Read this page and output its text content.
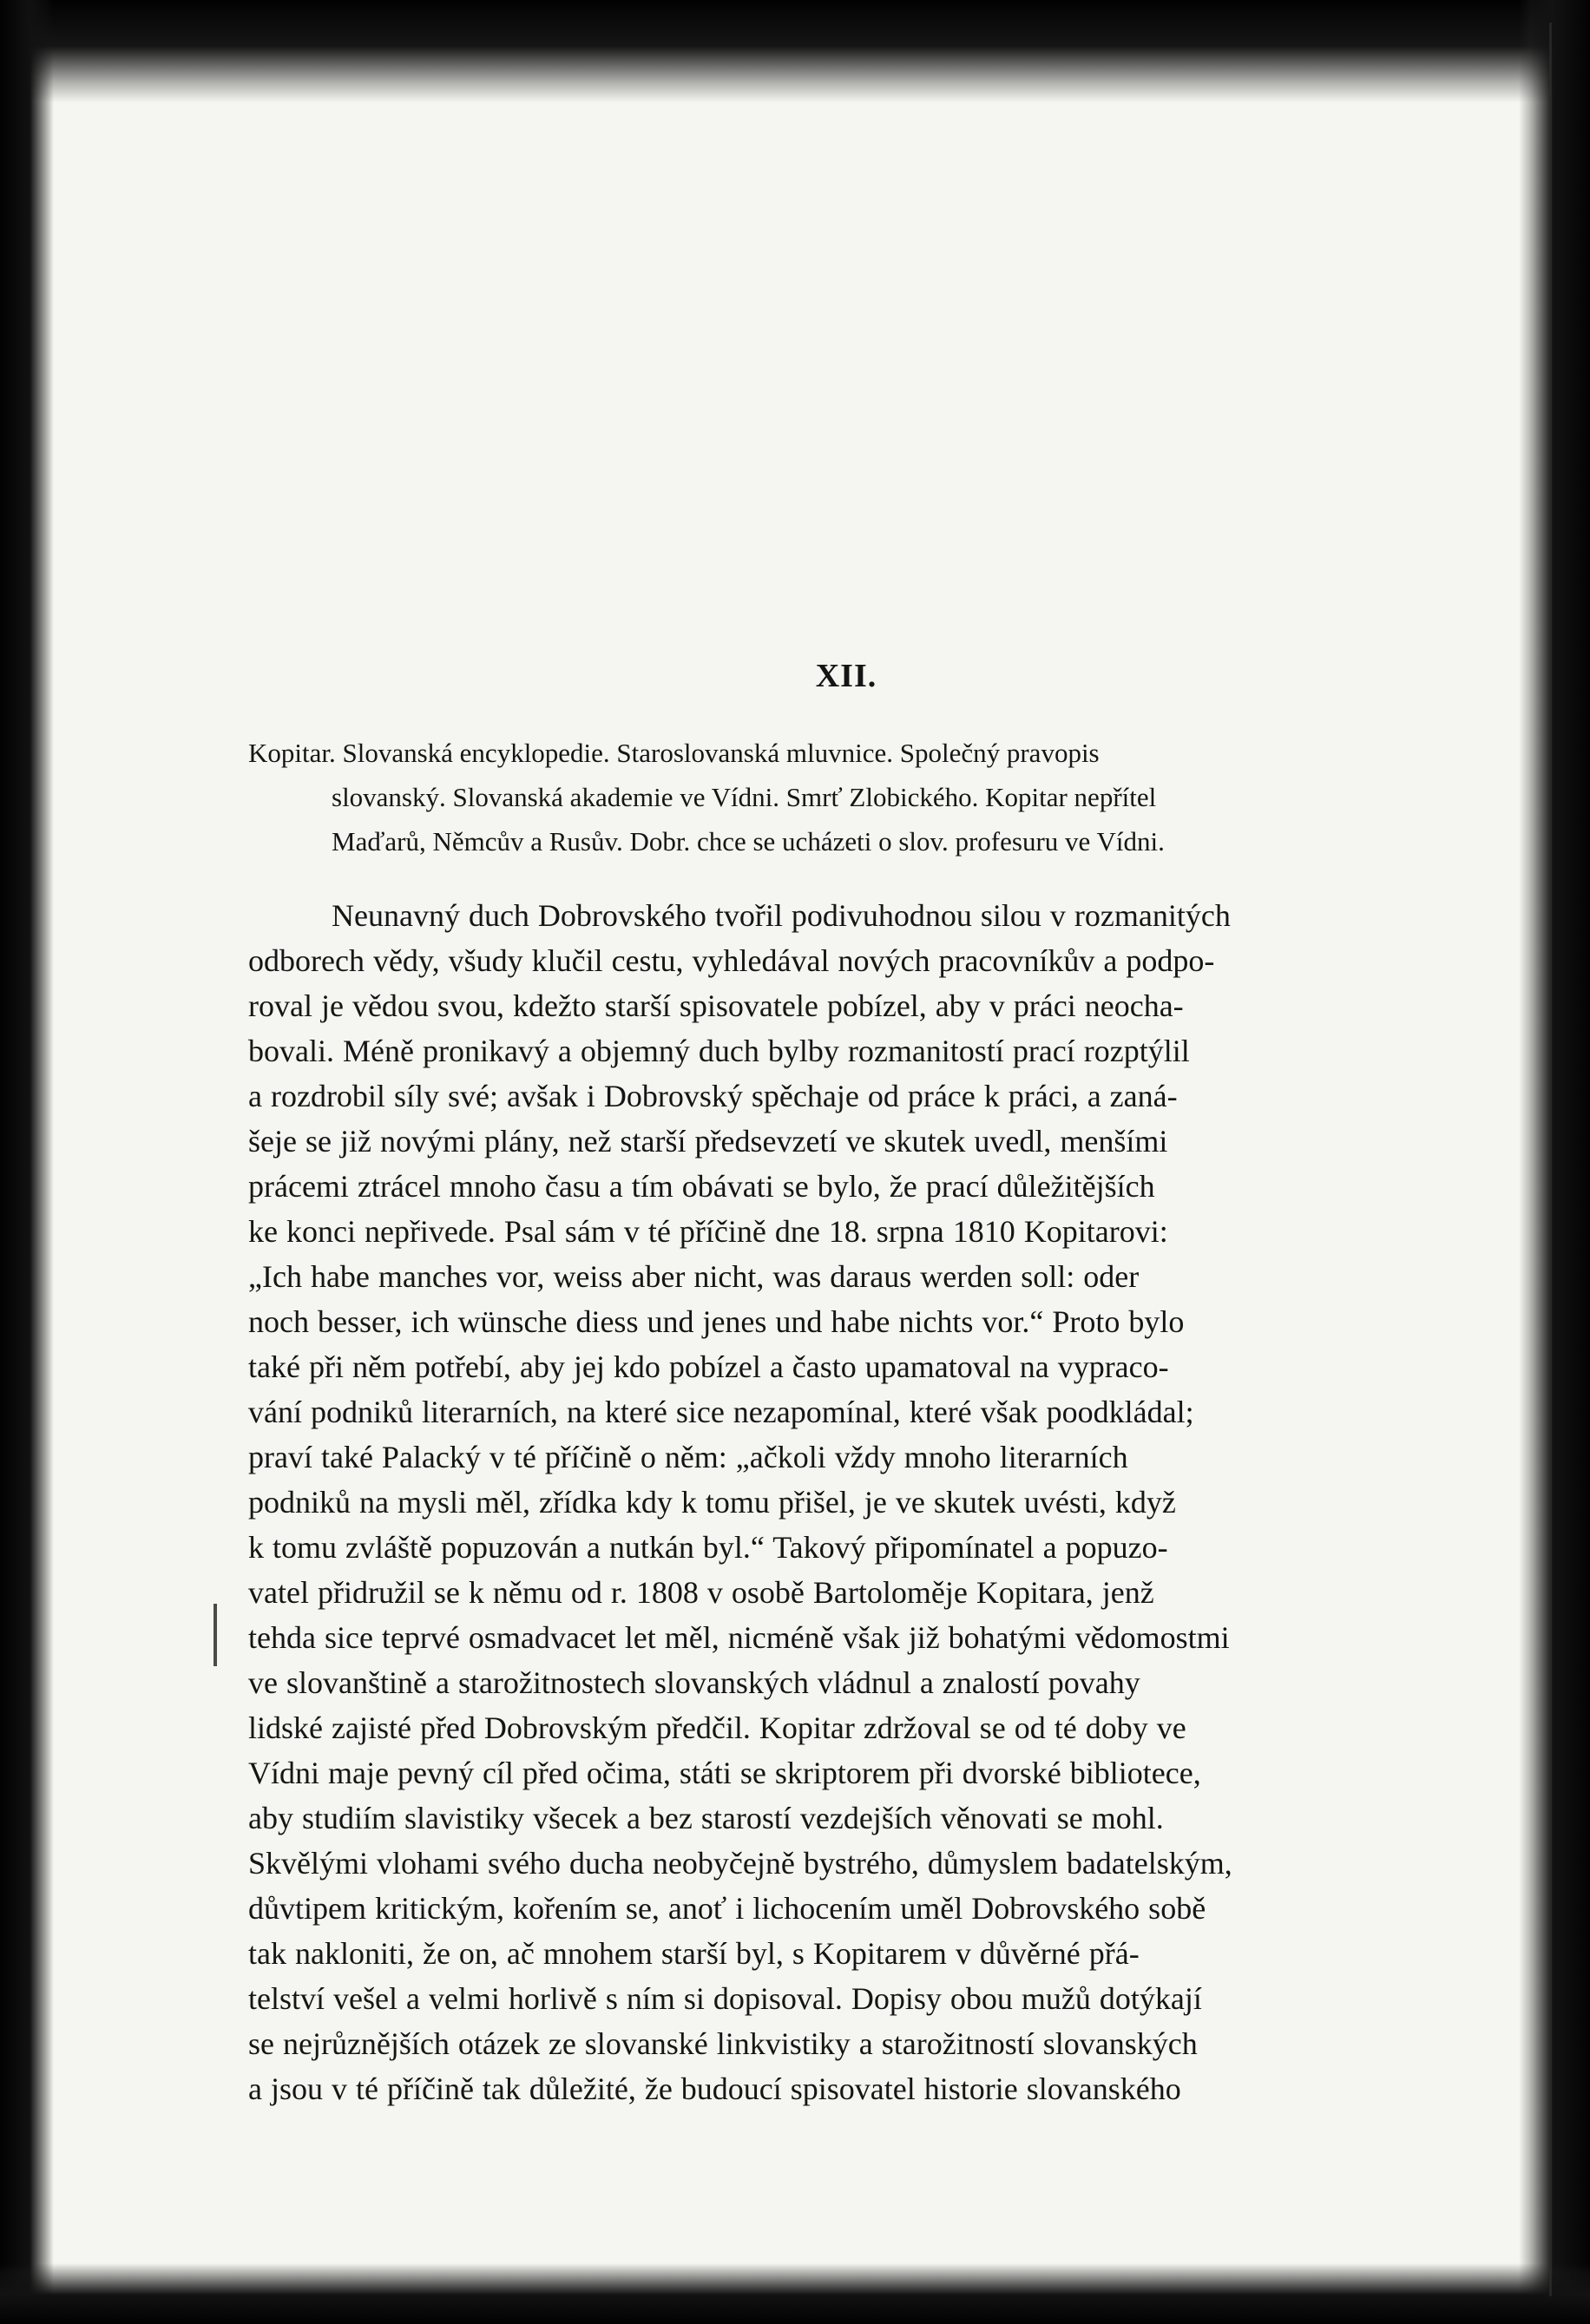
XII.
Kopitar. Slovanská encyklopedie. Staroslovanská mluvnice. Společný pravopis
slovanský. Slovanská akademie ve Vídni. Smrť Zlobického. Kopitar nepřítel
Maďarů, Němcův a Rusův. Dobr. chce se ucházeti o slov. profesuru ve Vídni.
Neunavný duch Dobrovského tvořil podivuhodnou silou v rozmanitých
odborech vědy, všudy klučil cestu, vyhledával nových pracovníkův a podpo-
roval je vědou svou, kdežto starší spisovatele pobízel, aby v práci neocha-
bovali. Méně pronikavý a objemný duch bylby rozmanitostí prací rozptýlil
a rozdrobil síly své; avšak i Dobrovský spěchaje od práce k práci, a zaná-
šeje se již novými plány, než starší předsevzetí ve skutek uvedl, menšími
prácemi ztrácel mnoho času a tím obávati se bylo, že prací důležitějších
ke konci nepřivede. Psal sám v té příčině dne 18. srpna 1810 Kopitarovi:
„Ich habe manches vor, weiss aber nicht, was daraus werden soll: oder
noch besser, ich wünsche diess und jenes und habe nichts vor.“ Proto bylo
také při něm potřebí, aby jej kdo pobízel a často upamatoval na vypraco-
vání podniků literarních, na které sice nezapomínal, které však poodkládal;
praví také Palacký v té příčině o něm: „ačkoli vždy mnoho literarních
podniků na mysli měl, zřídka kdy k tomu přišel, je ve skutek uvésti, když
k tomu zvláště popuzován a nutkán byl.“ Takový připomínatel a popuzo-
vatel přidružil se k němu od r. 1808 v osobě Bartoloměje Kopitara, jenž
tehda sice teprvé osmadvacet let měl, nicméně však již bohatými vědomostmi
ve slovanštině a starožitnostech slovanských vládnul a znalostí povahy
lidské zajisté před Dobrovským předčil. Kopitar zdržoval se od té doby ve
Vídni maje pevný cíl před očima, státi se skriptorem při dvorské bibliotece,
aby studiím slavistiky všecek a bez starostí vezdejších věnovati se mohl.
Skvělými vlohami svého ducha neobyčejně bystrého, důmyslem badatelským,
důvtipem kritickým, kořením se, anoť i lichocením uměl Dobrovského sobě
tak nakloniti, že on, ač mnohem starší byl, s Kopitarem v důvěrné přá-
telství vešel a velmi horlivě s ním si dopisoval. Dopisy obou mužů dotýkají
se nejrůznějších otázek ze slovanské linkvistiky a starožitností slovanských
a jsou v té příčině tak důležité, že budoucí spisovatel historie slovanského
